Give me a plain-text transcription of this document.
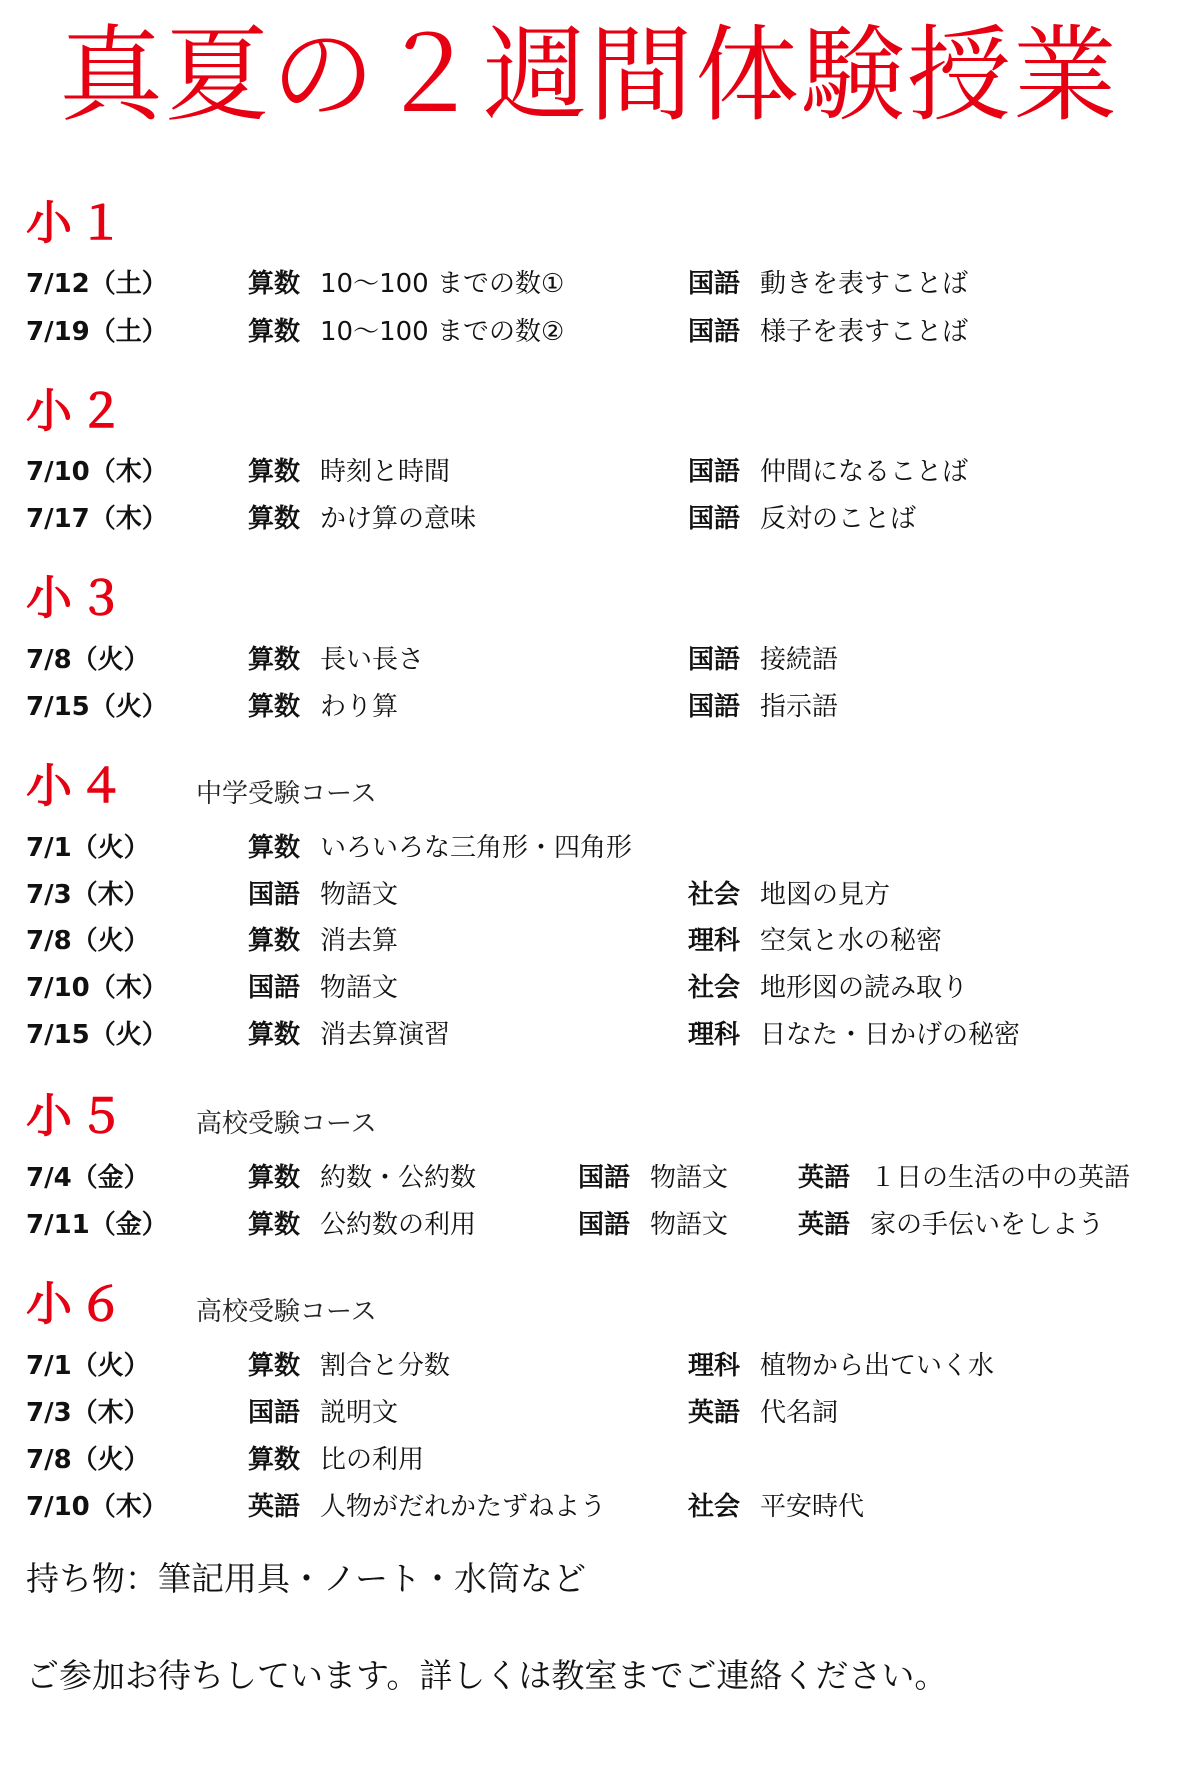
真夏の２週間体験授業
小１
7/12（土）	算数 10～100 までの数①	国語 動きを表すことば
7/19（土）	算数 10～100 までの数②	国語 様子を表すことば
小２
7/10（木）	算数 時刻と時間	国語 仲間になることば
7/17（木）	算数 かけ算の意味	国語 反対のことば
小３
7/8（火）	算数 長い長さ	国語 接続語
7/15（火）	算数 わり算	国語 指示語
小４	中学受験コース
7/1（火）	算数 いろいろな三角形・四角形
7/3（木）	国語 物語文	社会 地図の見方
7/8（火）	算数 消去算	理科 空気と水の秘密
7/10（木）	国語 物語文	社会 地形図の読み取り
7/15（火）	算数 消去算演習	理科 日なた・日かげの秘密
小５	高校受験コース
7/4（金）	算数 約数・公約数	国語 物語文	英語 １日の生活の中の英語
7/11（金）	算数 公約数の利用	国語 物語文	英語 家の手伝いをしよう
小６	高校受験コース
7/1（火）	算数 割合と分数	理科 植物から出ていく水
7/3（木）	国語 説明文	英語 代名詞
7/8（火）	算数 比の利用
7/10（木）	英語 人物がだれかたずねよう	社会 平安時代
持ち物：筆記用具・ノート・水筒など
ご参加お待ちしています。詳しくは教室までご連絡ください。
